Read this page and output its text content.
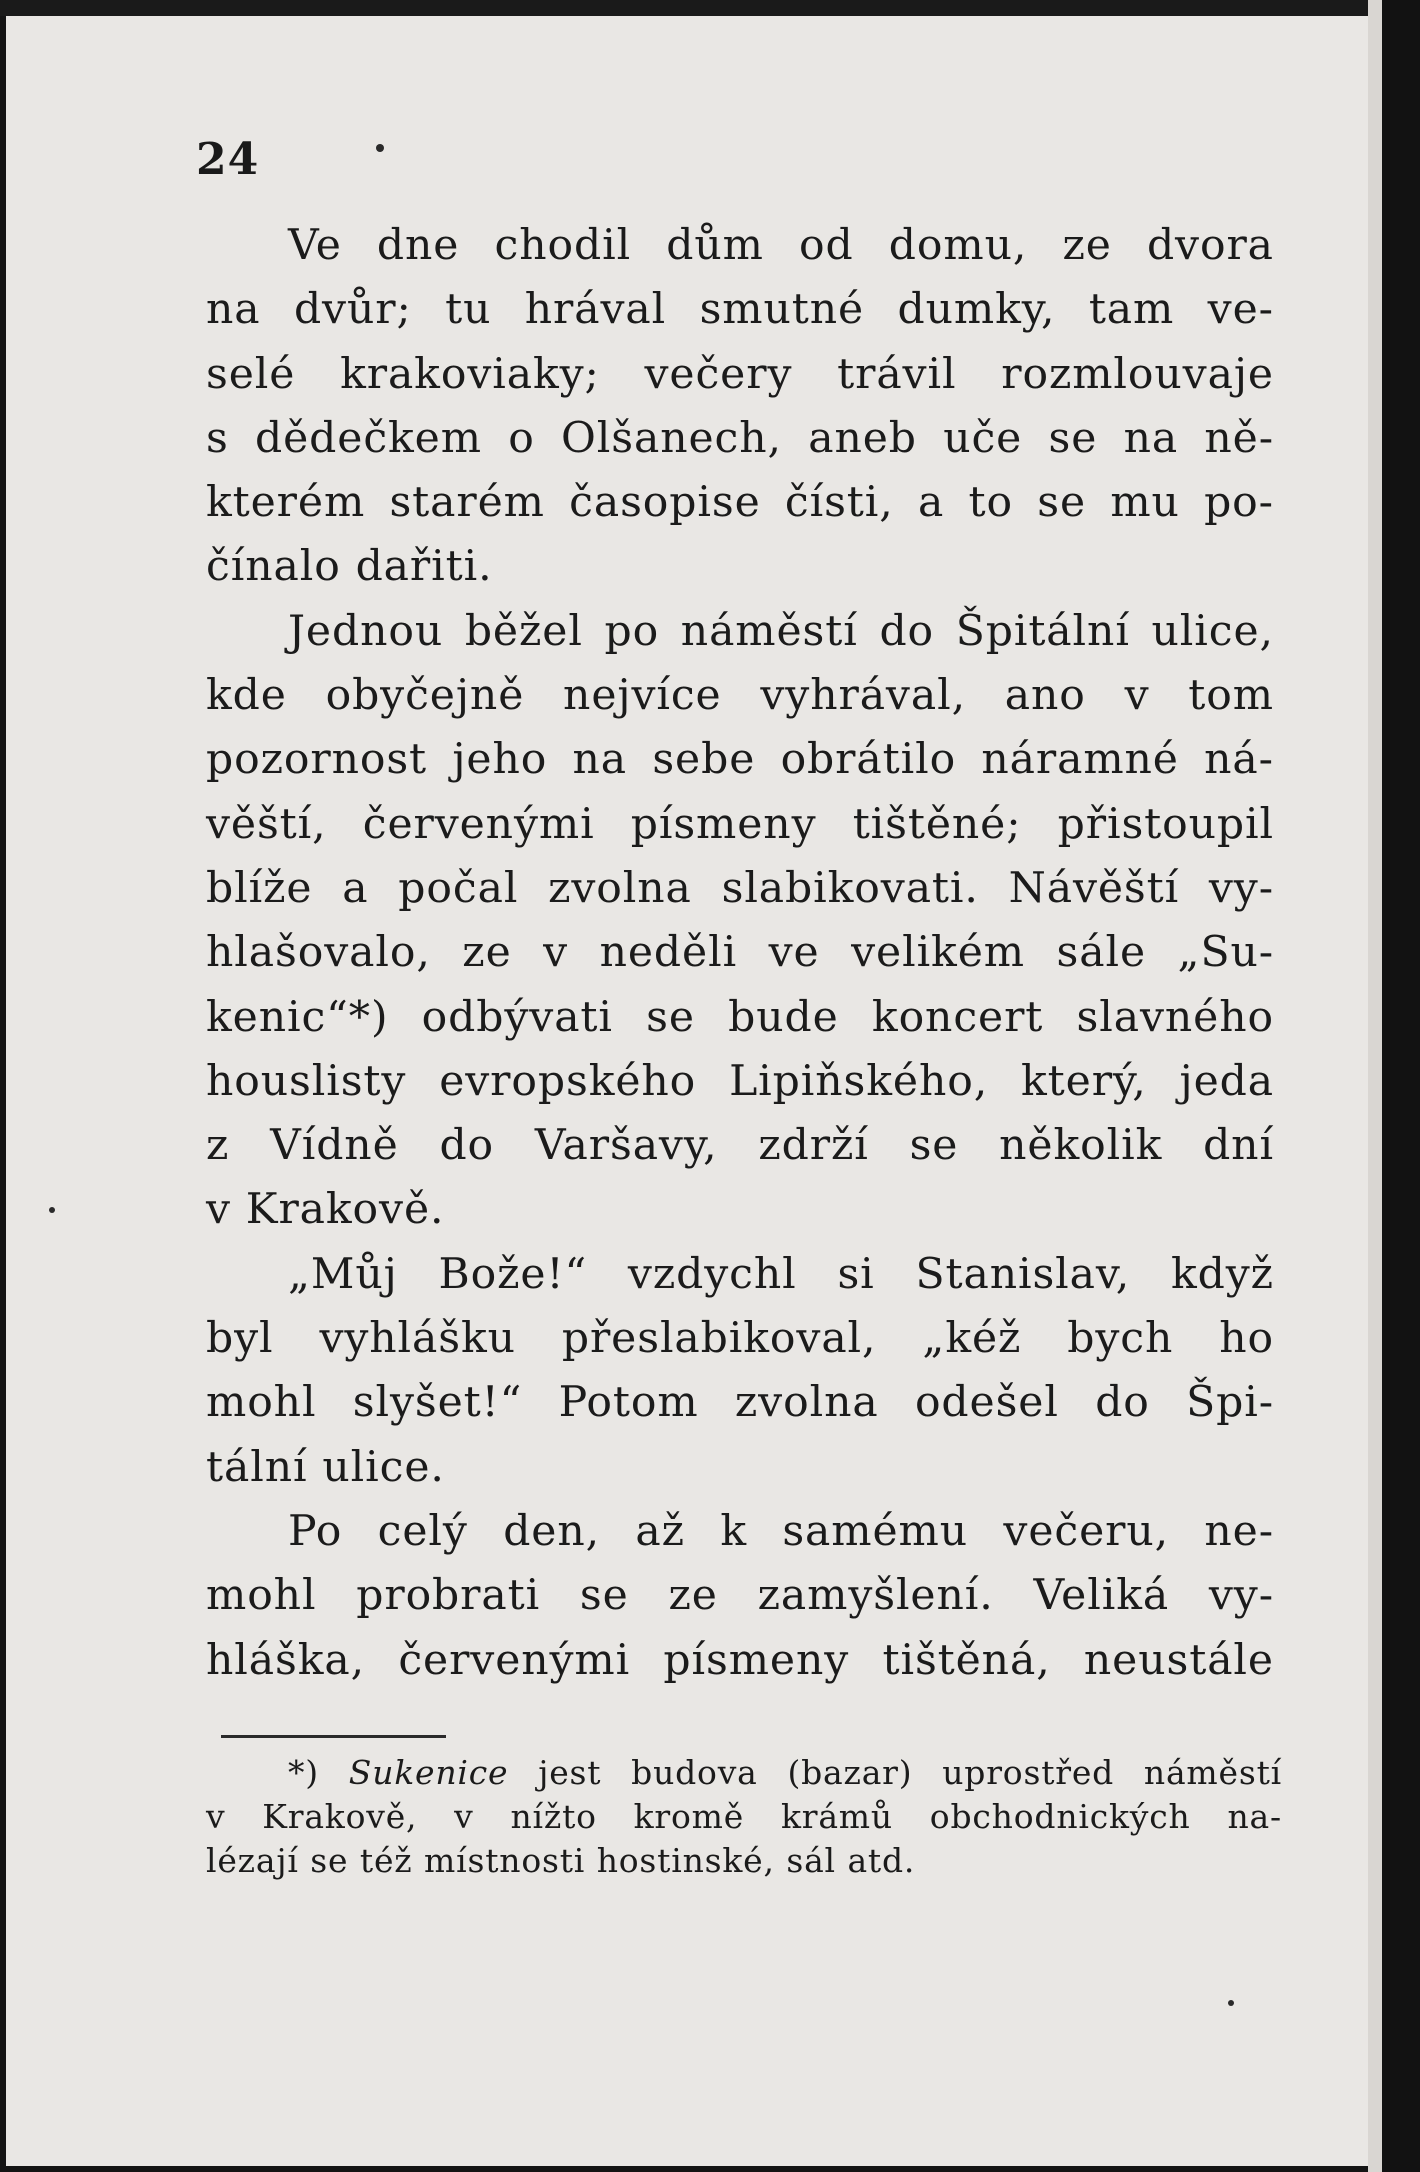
24
Ve dne chodil dům od domu, ze dvora
na dvůr; tu hrával smutné dumky, tam ve-
selé krakoviaky; večery trávil rozmlouvaje
s dědečkem o Olšanech, aneb uče se na ně-
kterém starém časopise čísti, a to se mu po-
čínalo dařiti.
Jednou běžel po náměstí do Špitální ulice,
kde obyčejně nejvíce vyhrával, ano v tom
pozornost jeho na sebe obrátilo náramné ná-
věští, červenými písmeny tištěné; přistoupil
blíže a počal zvolna slabikovati. Návěští vy-
hlašovalo, ze v neděli ve velikém sále „Su-
kenic“*) odbývati se bude koncert slavného
houslisty evropského Lipiňského, který, jeda
z Vídně do Varšavy, zdrží se několik dní
v Krakově.
„Můj Bože!“ vzdychl si Stanislav, když
byl vyhlášku přeslabikoval, „kéž bych ho
mohl slyšet!“ Potom zvolna odešel do Špi-
tální ulice.
Po celý den, až k samému večeru, ne-
mohl probrati se ze zamyšlení. Veliká vy-
hláška, červenými písmeny tištěná, neustále
*) Sukenice jest budova (bazar) uprostřed náměstí
v Krakově, v nížto kromě krámů obchodnických na-
lézají se též místnosti hostinské, sál atd.
